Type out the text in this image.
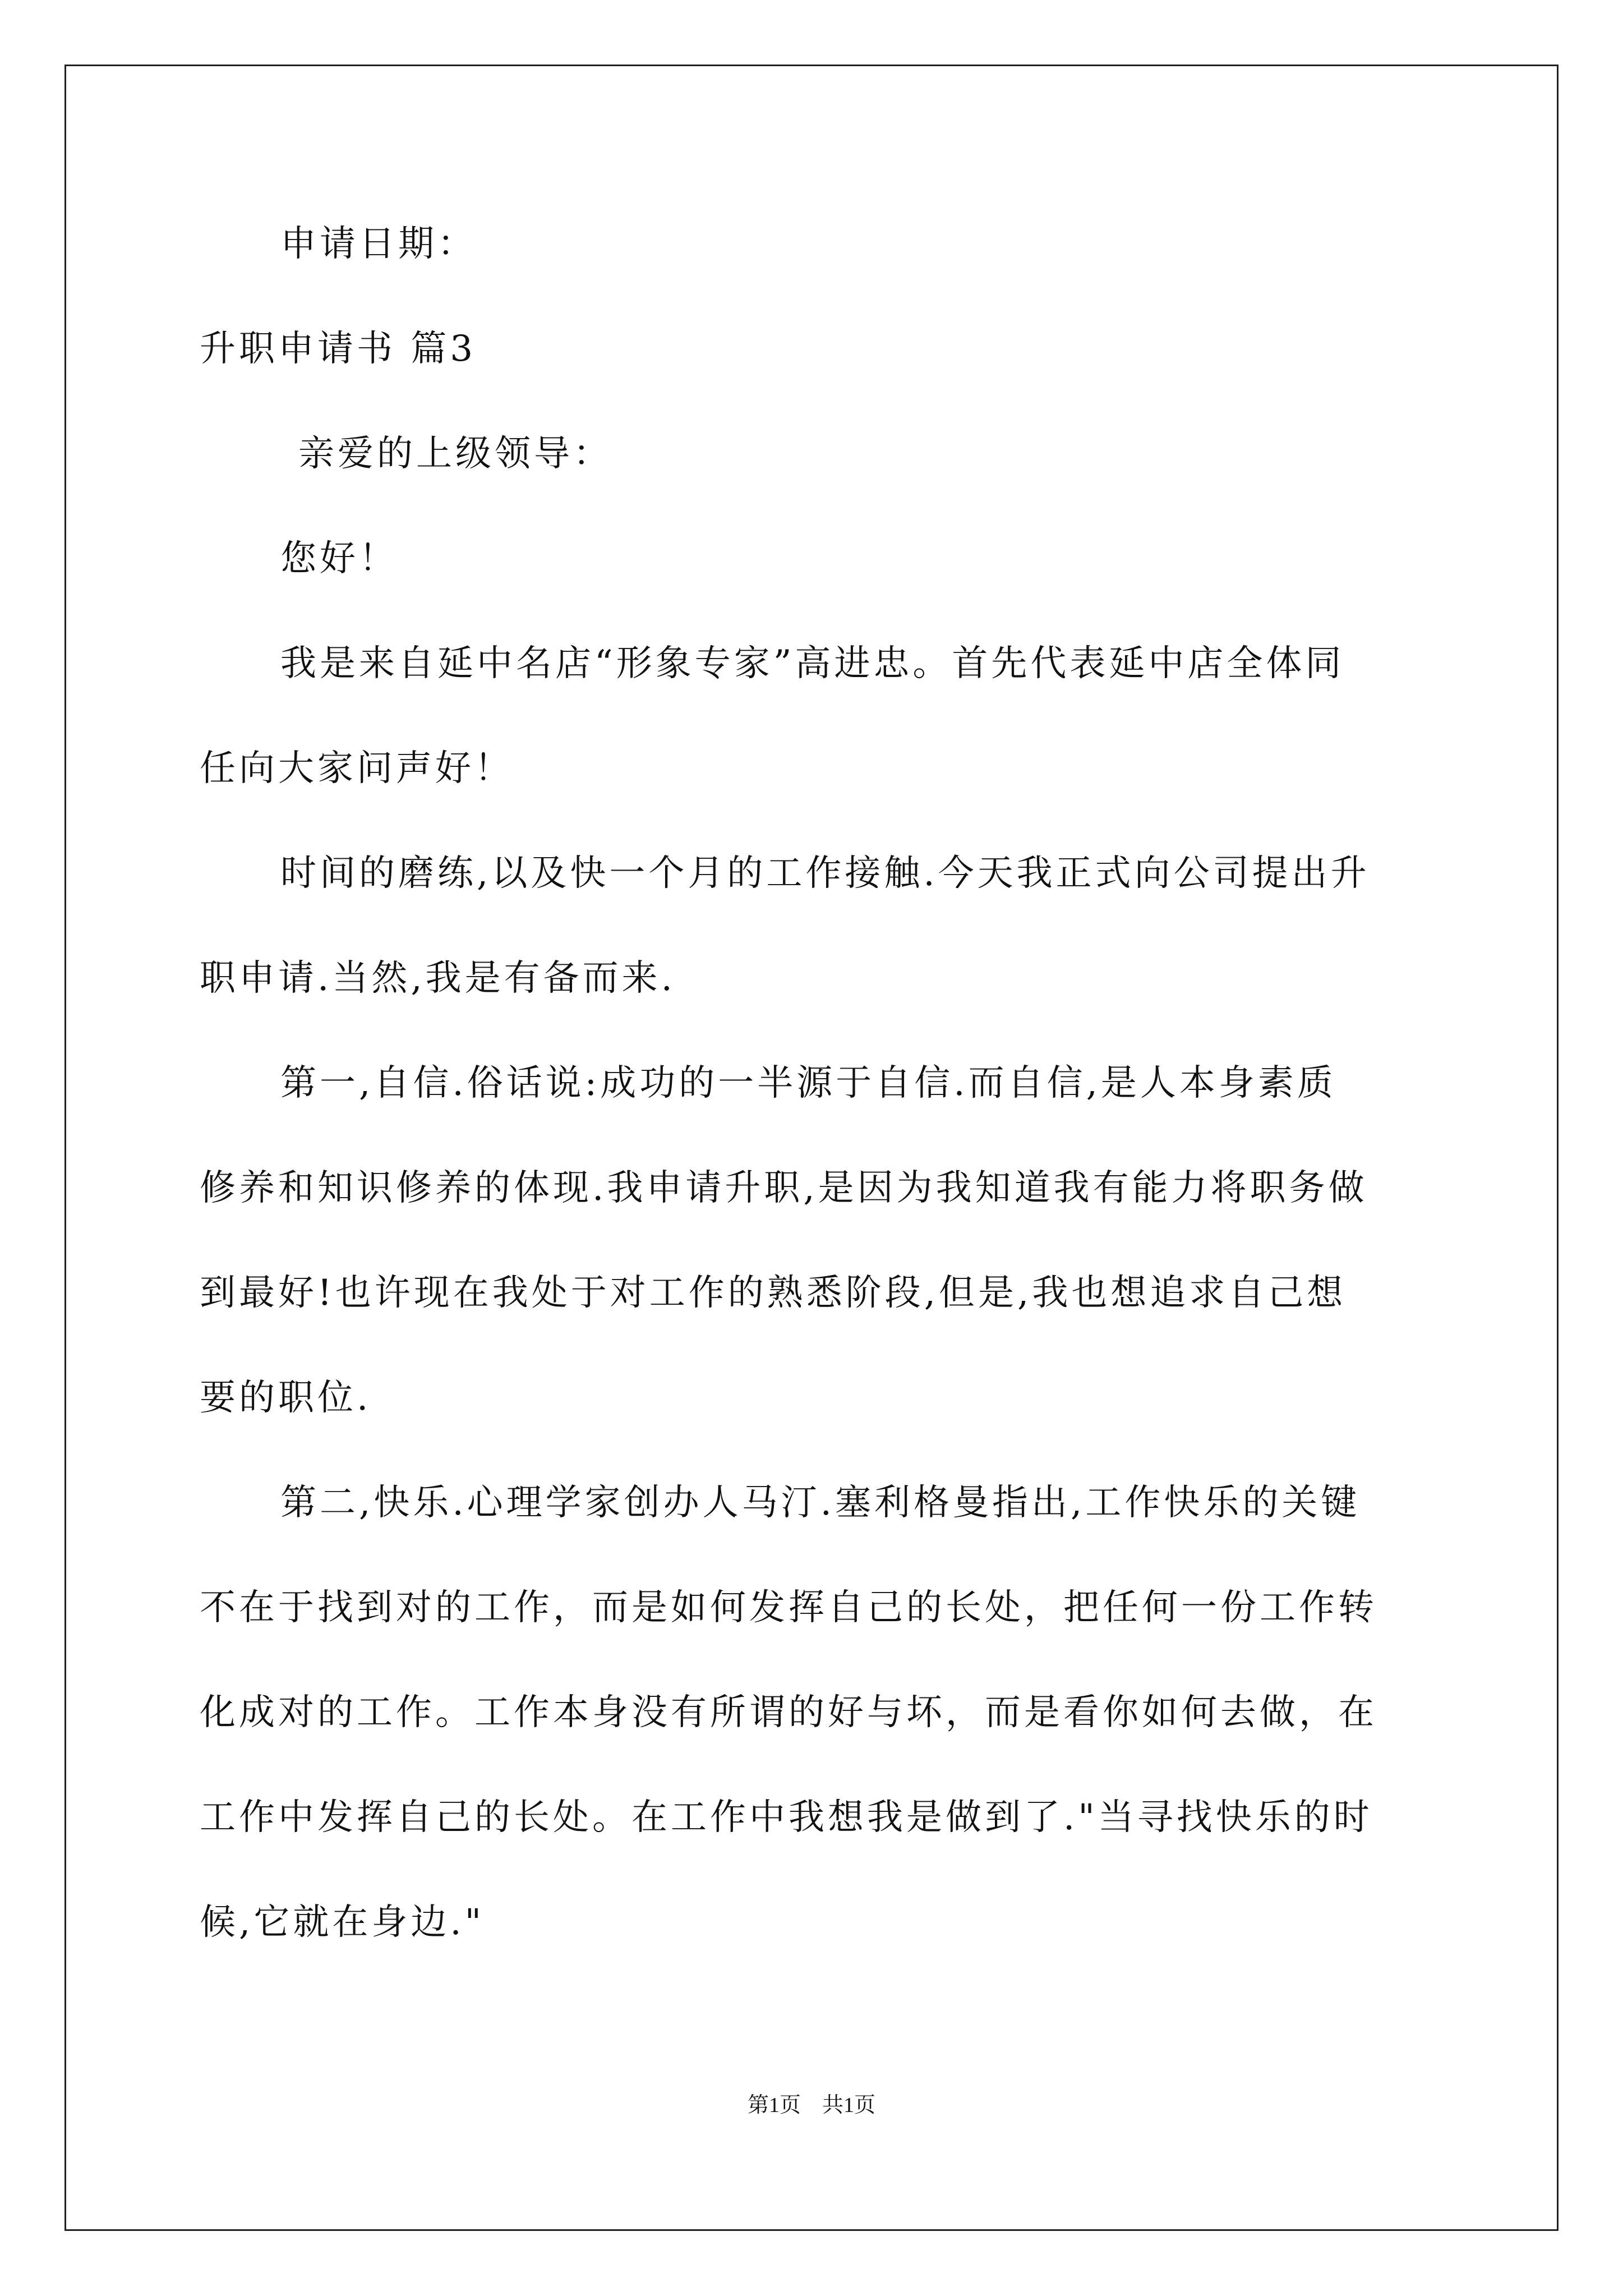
申请日期：
升职申请书 篇3
亲爱的上级领导：
您好！
我是来自延中名店“形象专家”高进忠。首先代表延中店全体同
任向大家问声好！
时间的磨练,以及快一个月的工作接触.今天我正式向公司提出升
职申请.当然,我是有备而来.
第一,自信.俗话说:成功的一半源于自信.而自信,是人本身素质
修养和知识修养的体现.我申请升职,是因为我知道我有能力将职务做
到最好!也许现在我处于对工作的熟悉阶段,但是,我也想追求自己想
要的职位.
第二,快乐.心理学家创办人马汀.塞利格曼指出,工作快乐的关键
不在于找到对的工作，而是如何发挥自己的长处，把任何一份工作转
化成对的工作。工作本身没有所谓的好与坏，而是看你如何去做，在
工作中发挥自己的长处。在工作中我想我是做到了."当寻找快乐的时
候,它就在身边."
第1页　共1页
